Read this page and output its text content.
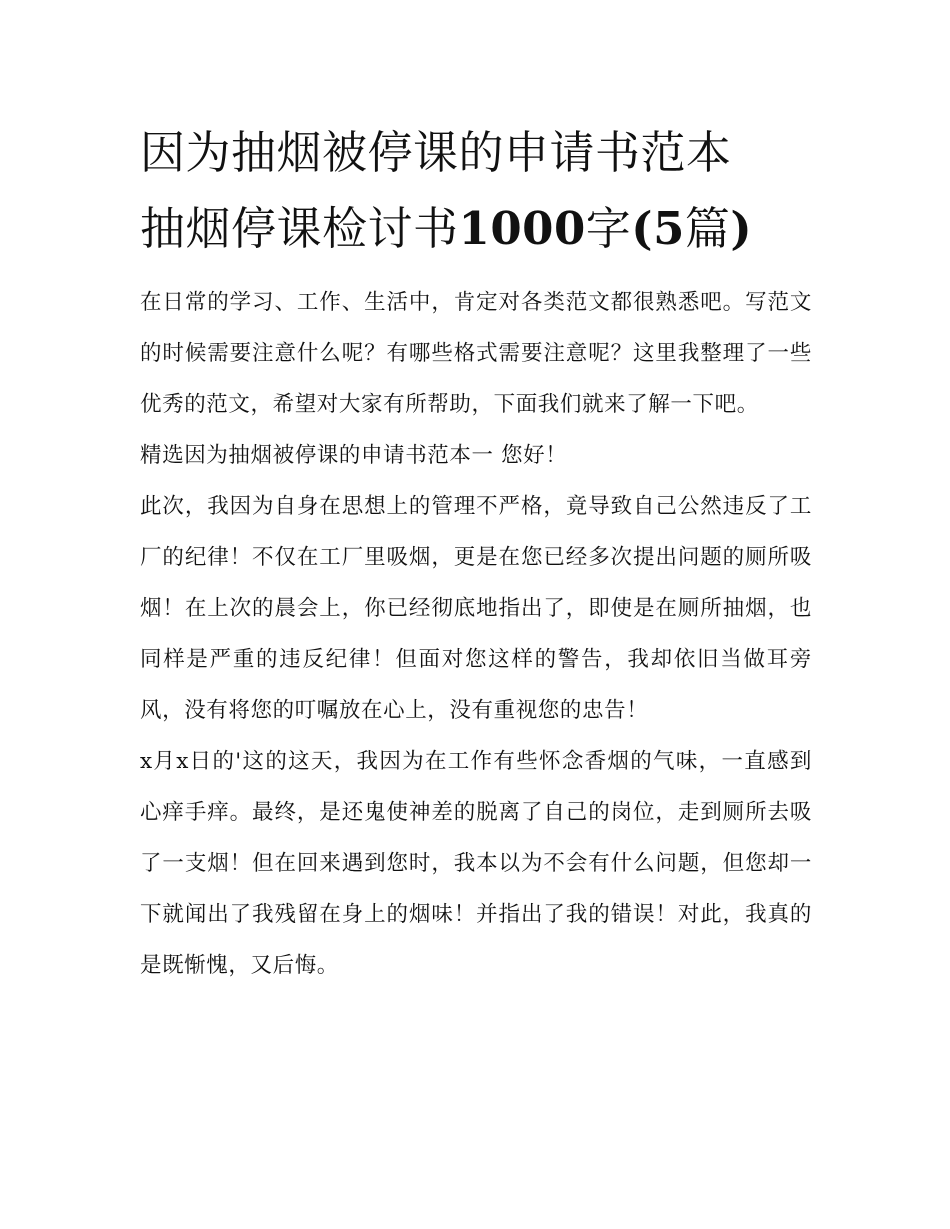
因为抽烟被停课的申请书范本
抽烟停课检讨书1000字(5篇)

在日常的学习、工作、生活中，肯定对各类范文都很熟悉吧。写范文的时候需要注意什么呢？有哪些格式需要注意呢？这里我整理了一些优秀的范文，希望对大家有所帮助，下面我们就来了解一下吧。

精选因为抽烟被停课的申请书范本一 您好！

此次，我因为自身在思想上的管理不严格，竟导致自己公然违反了工厂的纪律！不仅在工厂里吸烟，更是在您已经多次提出问题的厕所吸烟！在上次的晨会上，你已经彻底地指出了，即使是在厕所抽烟，也同样是严重的违反纪律！但面对您这样的警告，我却依旧当做耳旁风，没有将您的叮嘱放在心上，没有重视您的忠告！

x月x日的'这的这天，我因为在工作有些怀念香烟的气味，一直感到心痒手痒。最终，是还鬼使神差的脱离了自己的岗位，走到厕所去吸了一支烟！但在回来遇到您时，我本以为不会有什么问题，但您却一下就闻出了我残留在身上的烟味！并指出了我的错误！对此，我真的是既惭愧，又后悔。
